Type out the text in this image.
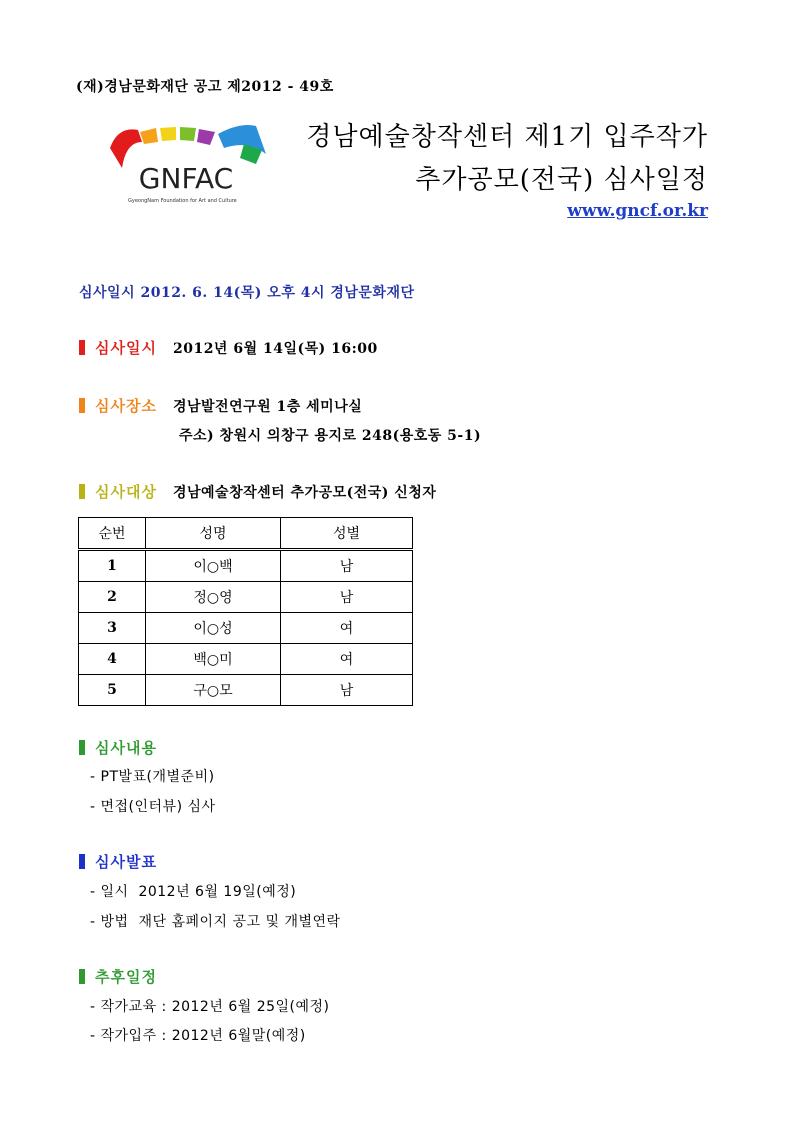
(재)경남문화재단 공고 제2012 - 49호
GNFAC
GyeongNam Foundation for Art and Culture
경남예술창작센터 제1기 입주작가
추가공모(전국) 심사일정
www.gncf.or.kr
심사일시 2012. 6. 14(목) 오후 4시 경남문화재단
심사일시 2012년 6월 14일(목) 16:00
심사장소 경남발전연구원 1층 세미나실
주소) 창원시 의창구 용지로 248(용호동 5-1)
심사대상 경남예술창작센터 추가공모(전국) 신청자
순번	성명	성별
1	이○백	남
2	정○영	남
3	이○성	여
4	백○미	여
5	구○모	남
심사내용
- PT발표(개별준비)
- 면접(인터뷰) 심사
심사발표
- 일시  2012년 6월 19일(예정)
- 방법  재단 홈페이지 공고 및 개별연락
추후일정
- 작가교육 : 2012년 6월 25일(예정)
- 작가입주 : 2012년 6월말(예정)
